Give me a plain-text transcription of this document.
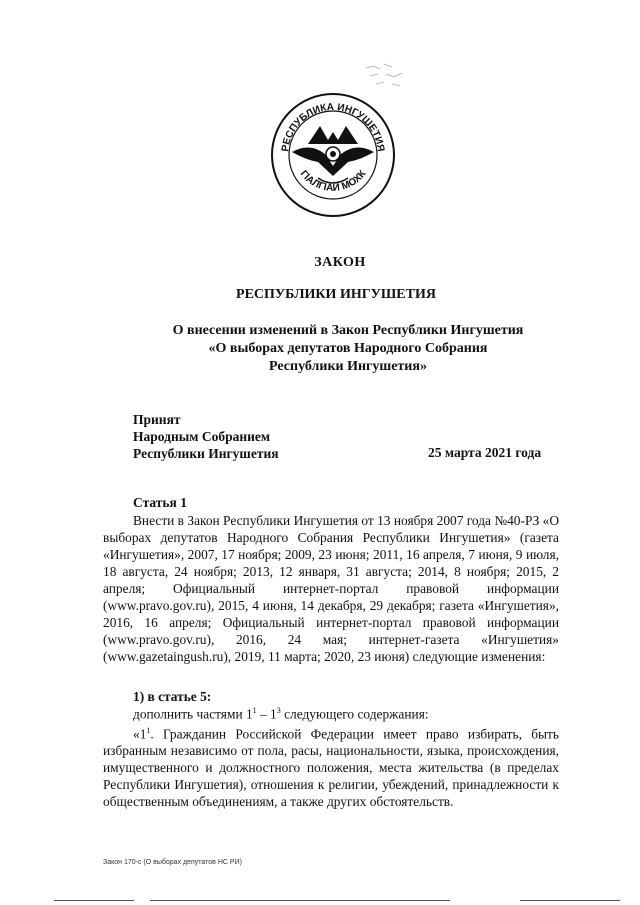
РЕСПУБЛИКА ИНГУШЕТИЯ
ГIАЛГIАЙ МОХК
ЗАКОН
РЕСПУБЛИКИ ИНГУШЕТИЯ
О внесении изменений в Закон Республики Ингушетия
«О выборах депутатов Народного Собрания
Республики Ингушетия»
Принят
Народным Собранием
Республики Ингушетия	25 марта 2021 года
Статья 1
Внести в Закон Республики Ингушетия от 13 ноября 2007 года №40-РЗ «О выборах депутатов Народного Собрания Республики Ингушетия» (газета «Ингушетия», 2007, 17 ноября; 2009, 23 июня; 2011, 16 апреля, 7 июня, 9 июля, 18 августа, 24 ноября; 2013, 12 января, 31 августа; 2014, 8 ноября; 2015, 2 апреля; Официальный интернет-портал правовой информации (www.pravo.gov.ru), 2015, 4 июня, 14 декабря, 29 декабря; газета «Ингушетия», 2016, 16 апреля; Официальный интернет-портал правовой информации (www.pravo.gov.ru), 2016, 24 мая; интернет-газета «Ингушетия» (www.gazetaingush.ru), 2019, 11 марта; 2020, 23 июня) следующие изменения:
1) в статье 5:
дополнить частями $1^1 - 1^3$ следующего содержания:
«$1^1$. Гражданин Российской Федерации имеет право избирать, быть избранным независимо от пола, расы, национальности, языка, происхождения, имущественного и должностного положения, места жительства (в пределах Республики Ингушетия), отношения к религии, убеждений, принадлежности к общественным объединениям, а также других обстоятельств.
Закон 170-с (О выборах депутатов НС РИ)
